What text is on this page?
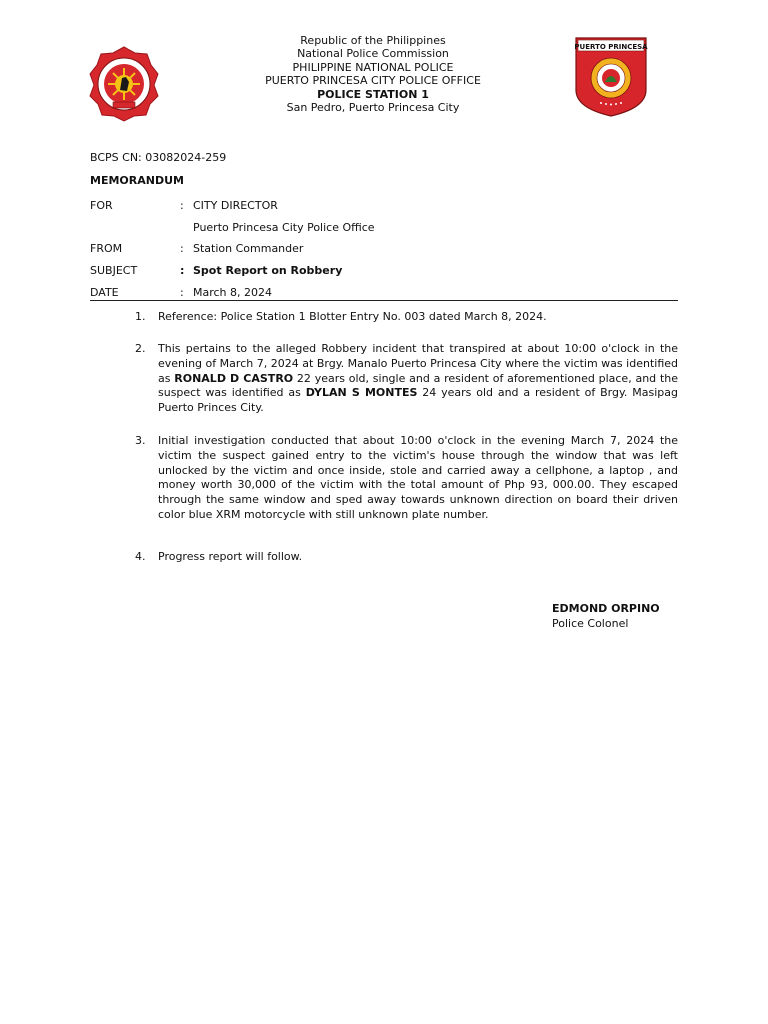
PUERTO PRINCESA
Republic of the Philippines
National Police Commission
PHILIPPINE NATIONAL POLICE
PUERTO PRINCESA CITY POLICE OFFICE
POLICE STATION 1
San Pedro, Puerto Princesa City
BCPS CN: 03082024-259
MEMORANDUM
FOR	: CITY DIRECTOR
Puerto Princesa City Police Office
FROM	: Station Commander
SUBJECT	: Spot Report on Robbery
DATE	: March 8, 2024
1. Reference: Police Station 1 Blotter Entry No. 003 dated March 8, 2024.
2. This pertains to the alleged Robbery incident that transpired at about 10:00 o'clock in the evening of March 7, 2024 at Brgy. Manalo Puerto Princesa City where the victim was identified as RONALD D CASTRO 22 years old, single and a resident of aforementioned place, and the suspect was identified as DYLAN S MONTES 24 years old and a resident of Brgy. Masipag Puerto Princes City.
3. Initial investigation conducted that about 10:00 o'clock in the evening March 7, 2024 the victim the suspect gained entry to the victim's house through the window that was left unlocked by the victim and once inside, stole and carried away a cellphone, a laptop , and money worth 30,000 of the victim with the total amount of Php 93, 000.00. They escaped through the same window and sped away towards unknown direction on board their driven color blue XRM motorcycle with still unknown plate number.
4. Progress report will follow.
EDMOND ORPINO
Police Colonel
